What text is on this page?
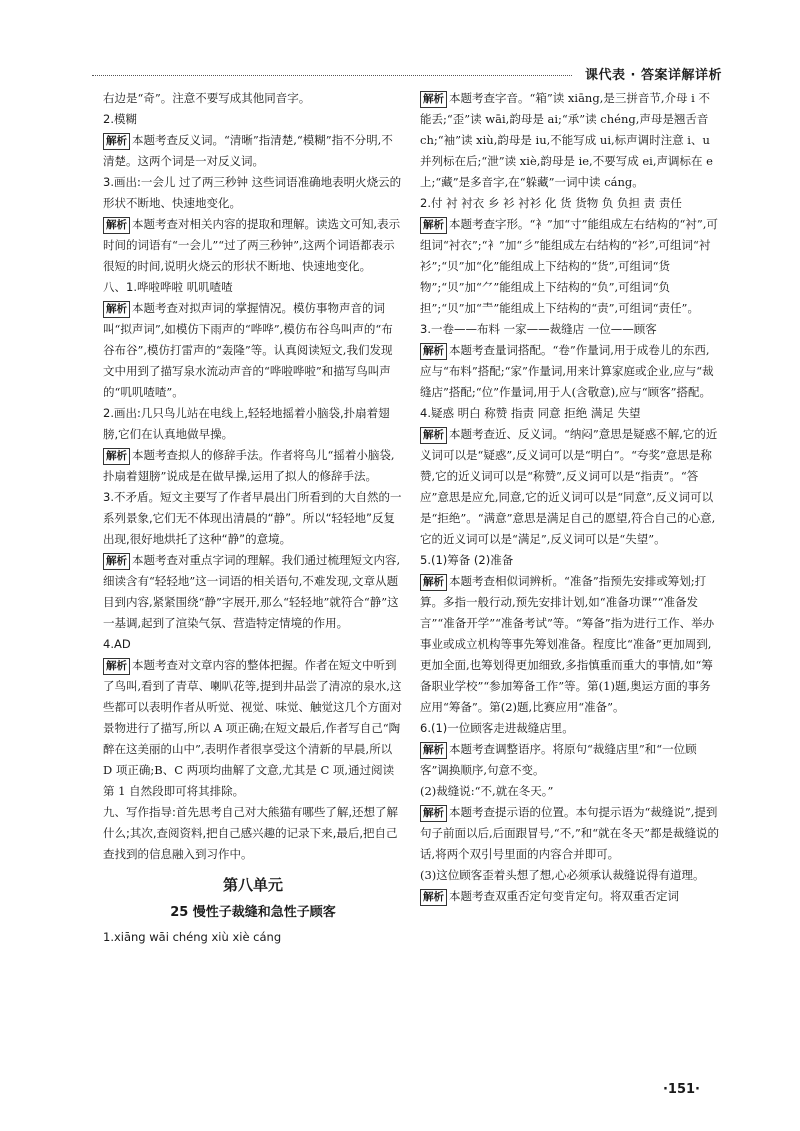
课代表 · 答案详解详析

右边是“奇”。注意不要写成其他同音字。

2.模糊

解析 本题考查反义词。“清晰”指清楚,“模糊”指不分明,不清楚。这两个词是一对反义词。

3.画出:一会儿 过了两三秒钟 这些词语准确地表明火烧云的形状不断地、快速地变化。

解析 本题考查对相关内容的提取和理解。读选文可知,表示时间的词语有“一会儿”“过了两三秒钟”,这两个词语都表示很短的时间,说明火烧云的形状不断地、快速地变化。

八、1.哗啦哗啦 叽叽喳喳

解析 本题考查对拟声词的掌握情况。模仿事物声音的词叫“拟声词”,如模仿下雨声的“哗哗”,模仿布谷鸟叫声的“布谷布谷”,模仿打雷声的“轰隆”等。认真阅读短文,我们发现文中用到了描写泉水流动声音的“哗啦哗啦”和描写鸟叫声的“叽叽喳喳”。

2.画出:几只鸟儿站在电线上,轻轻地摇着小脑袋,扑扇着翅膀,它们在认真地做早操。

解析 本题考查拟人的修辞手法。作者将鸟儿“摇着小脑袋,扑扇着翅膀”说成是在做早操,运用了拟人的修辞手法。

3.不矛盾。短文主要写了作者早晨出门所看到的大自然的一系列景象,它们无不体现出清晨的“静”。所以“轻轻地”反复出现,很好地烘托了这种“静”的意境。

解析 本题考查对重点字词的理解。我们通过梳理短文内容,细读含有“轻轻地”这一词语的相关语句,不难发现,文章从题目到内容,紧紧围绕“静”字展开,那么“轻轻地”就符合“静”这一基调,起到了渲染气氛、营造特定情境的作用。

4.AD

解析 本题考查对文章内容的整体把握。作者在短文中听到了鸟叫,看到了青草、喇叭花等,提到井品尝了清凉的泉水,这些都可以表明作者从听觉、视觉、味觉、触觉这几个方面对景物进行了描写,所以 A 项正确;在短文最后,作者写自己“陶醉在这美丽的山中”,表明作者很享受这个清新的早晨,所以 D 项正确;B、C 两项均曲解了文意,尤其是 C 项,通过阅读第 1 自然段即可将其排除。

九、写作指导:首先思考自己对大熊猫有哪些了解,还想了解什么;其次,查阅资料,把自己感兴趣的记录下来,最后,把自己查找到的信息融入到习作中。

第八单元
25 慢性子裁缝和急性子顾客

1.xiāng wāi chéng xiù xiè cáng

解析 本题考查字音。“箱”读 xiāng,是三拼音节,介母 i 不能丢;“歪”读 wāi,韵母是 ai;“承”读 chéng,声母是翘舌音 ch;“袖”读 xiù,韵母是 iu,不能写成 ui,标声调时注意 i、u 并列标在后;“泄”读 xiè,韵母是 ie,不要写成 ei,声调标在 e 上;“藏”是多音字,在“躲藏”一词中读 cáng。

2.付 衬 衬衣 乡 衫 衬衫 化 货 货物 负 负担 责 责任

解析 本题考查字形。“衤”加“寸”能组成左右结构的“衬”,可组词“衬衣”;“衤”加“彡”能组成左右结构的“衫”,可组词“衬衫”;“贝”加“化”能组成上下结构的“货”,可组词“货物”;“贝”加“⺈”能组成上下结构的“负”,可组词“负担”;“贝”加“龶”能组成上下结构的“责”,可组词“责任”。

3.一卷——布料 一家——裁缝店 一位——顾客

解析 本题考查量词搭配。“卷”作量词,用于成卷儿的东西,应与“布料”搭配;“家”作量词,用来计算家庭或企业,应与“裁缝店”搭配;“位”作量词,用于人(含敬意),应与“顾客”搭配。

4.疑惑 明白 称赞 指责 同意 拒绝 满足 失望

解析 本题考查近、反义词。“纳闷”意思是疑惑不解,它的近义词可以是“疑惑”,反义词可以是“明白”。“夸奖”意思是称赞,它的近义词可以是“称赞”,反义词可以是“指责”。“答应”意思是应允,同意,它的近义词可以是“同意”,反义词可以是“拒绝”。“满意”意思是满足自己的愿望,符合自己的心意,它的近义词可以是“满足”,反义词可以是“失望”。

5.(1)筹备 (2)准备

解析 本题考查相似词辨析。“准备”指预先安排或筹划;打算。多指一般行动,预先安排计划,如“准备功课”“准备发言”“准备开学”“准备考试”等。“筹备”指为进行工作、举办事业或成立机构等事先筹划准备。程度比“准备”更加周到,更加全面,也筹划得更加细致,多指慎重而重大的事情,如“筹备职业学校”“参加筹备工作”等。第(1)题,奥运方面的事务应用“筹备”。第(2)题,比赛应用“准备”。

6.(1)一位顾客走进裁缝店里。

解析 本题考查调整语序。将原句“裁缝店里”和“一位顾客”调换顺序,句意不变。

(2)裁缝说:“不,就在冬天。”

解析 本题考查提示语的位置。本句提示语为“裁缝说”,提到句子前面以后,后面跟冒号,“不,”和“就在冬天”都是裁缝说的话,将两个双引号里面的内容合并即可。

(3)这位顾客歪着头想了想,心必须承认裁缝说得有道理。

解析 本题考查双重否定句变肯定句。将双重否定词

·151·
